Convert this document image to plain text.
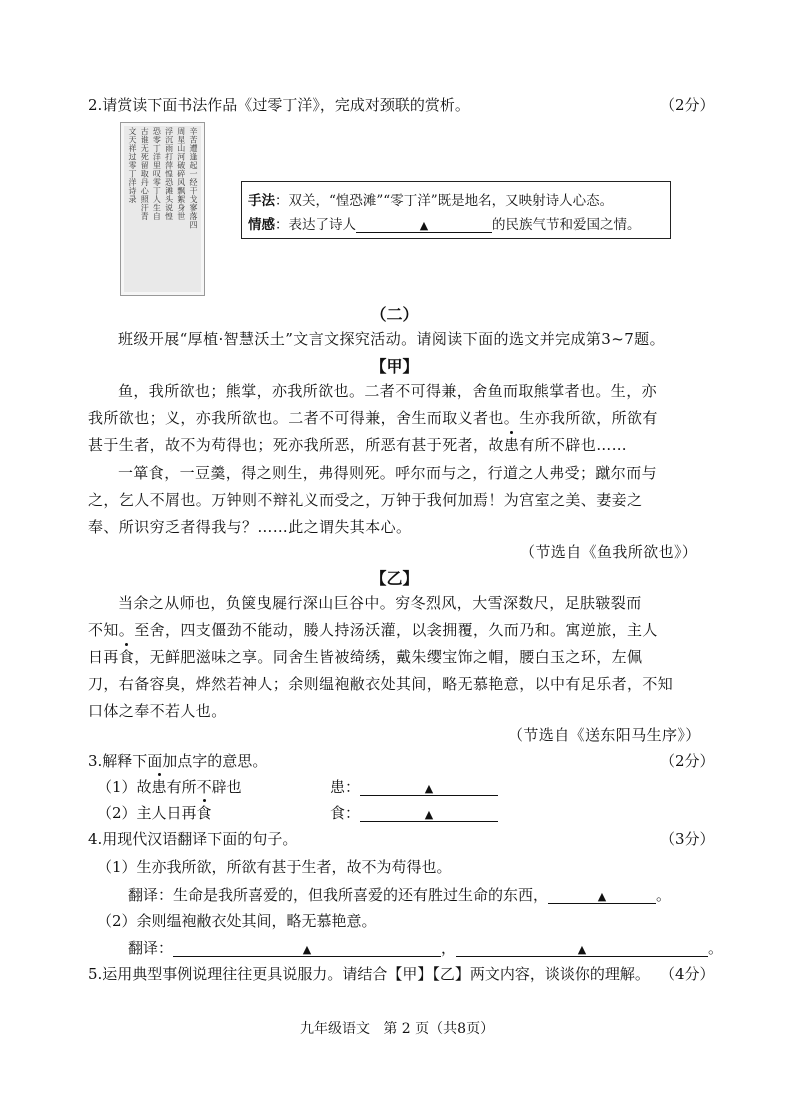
2.请赏读下面书法作品《过零丁洋》，完成对颈联的赏析。	（2分）
辛苦遭逢起一经干戈寥落四
周星山河破碎风飘絮身世
浮沉雨打萍惶恐滩头说惶
恐零丁洋里叹零丁人生自
古谁无死留取丹心照汗青
文天祥过零丁洋诗录	手法：双关，“惶恐滩”“零丁洋”既是地名，又映射诗人心态。
情感：表达了诗人	▲	的民族气节和爱国之情。
（二）
班级开展“厚植·智慧沃土”文言文探究活动。请阅读下面的选文并完成第3~7题。
【甲】
鱼，我所欲也；熊掌，亦我所欲也。二者不可得兼，舍鱼而取熊掌者也。生，亦
我所欲也；义，亦我所欲也。二者不可得兼，舍生而取义者也。生亦我所欲，所欲有
甚于生者，故不为苟得也；死亦我所恶，所恶有甚于死者，故患有所不辟也……
一箪食，一豆羹，得之则生，弗得则死。呼尔而与之，行道之人弗受；蹴尔而与
之，乞人不屑也。万钟则不辩礼义而受之，万钟于我何加焉！为宫室之美、妻妾之
奉、所识穷乏者得我与？……此之谓失其本心。
（节选自《鱼我所欲也》）
【乙】
当余之从师也，负箧曳屣行深山巨谷中。穷冬烈风，大雪深数尺，足肤皲裂而
不知。至舍，四支僵劲不能动，媵人持汤沃灌，以衾拥覆，久而乃和。寓逆旅，主人
日再食，无鲜肥滋味之享。同舍生皆被绮绣，戴朱缨宝饰之帽，腰白玉之环，左佩
刀，右备容臭，烨然若神人；余则缊袍敝衣处其间，略无慕艳意，以中有足乐者，不知
口体之奉不若人也。
（节选自《送东阳马生序》）
3.解释下面加点字的意思。	（2分）
（1）故患有所不辟也	患：	▲
（2）主人日再食	食：	▲
4.用现代汉语翻译下面的句子。	（3分）
（1）生亦我所欲，所欲有甚于生者，故不为苟得也。
翻译：生命是我所喜爱的，但我所喜爱的还有胜过生命的东西，	▲	。
（2）余则缊袍敝衣处其间，略无慕艳意。
翻译：	▲	，	▲	。
5.运用典型事例说理往往更具说服力。请结合【甲】【乙】两文内容，谈谈你的理解。 （4分）
九年级语文 第 2 页（共8页）
